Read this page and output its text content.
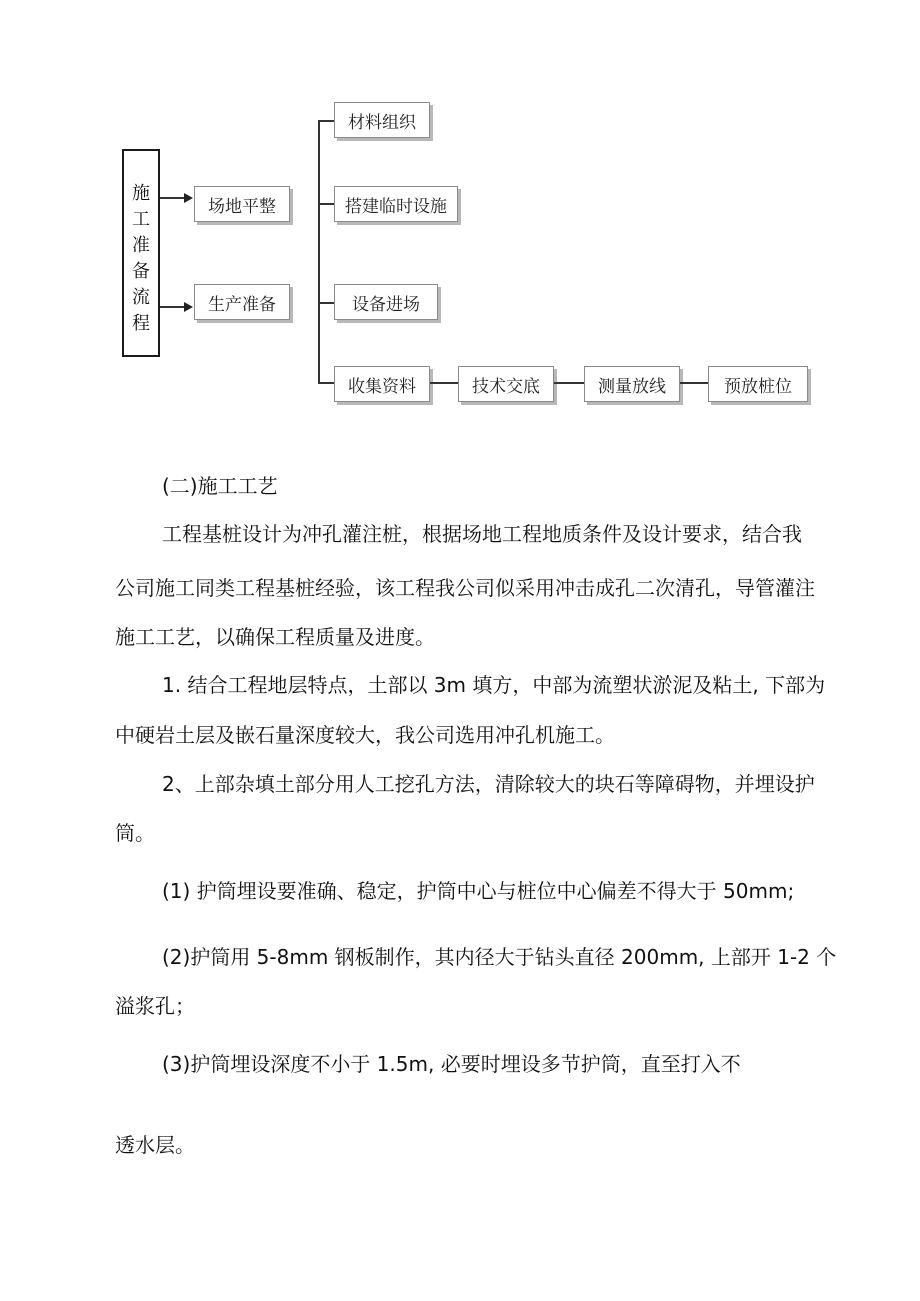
施
工
准
备
流
程
场地平整
生产准备
材料组织
搭建临时设施
设备进场
收集资料	技术交底	测量放线	预放桩位
(二)施工工艺
工程基桩设计为冲孔灌注桩，根据场地工程地质条件及设计要求，结合我
公司施工同类工程基桩经验，该工程我公司似采用冲击成孔二次清孔，导管灌注
施工工艺，以确保工程质量及进度。
1. 结合工程地层特点，土部以 3m 填方，中部为流塑状淤泥及粘土, 下部为
中硬岩土层及嵌石量深度较大，我公司选用冲孔机施工。
2、上部杂填土部分用人工挖孔方法，清除较大的块石等障碍物，并埋设护
筒。
(1) 护筒埋设要准确、稳定，护筒中心与桩位中心偏差不得大于 50mm;
(2)护筒用 5-8mm 钢板制作，其内径大于钻头直径 200mm, 上部开 1-2 个
溢浆孔；
(3)护筒埋设深度不小于 1.5m, 必要时埋设多节护筒，直至打入不
透水层。
